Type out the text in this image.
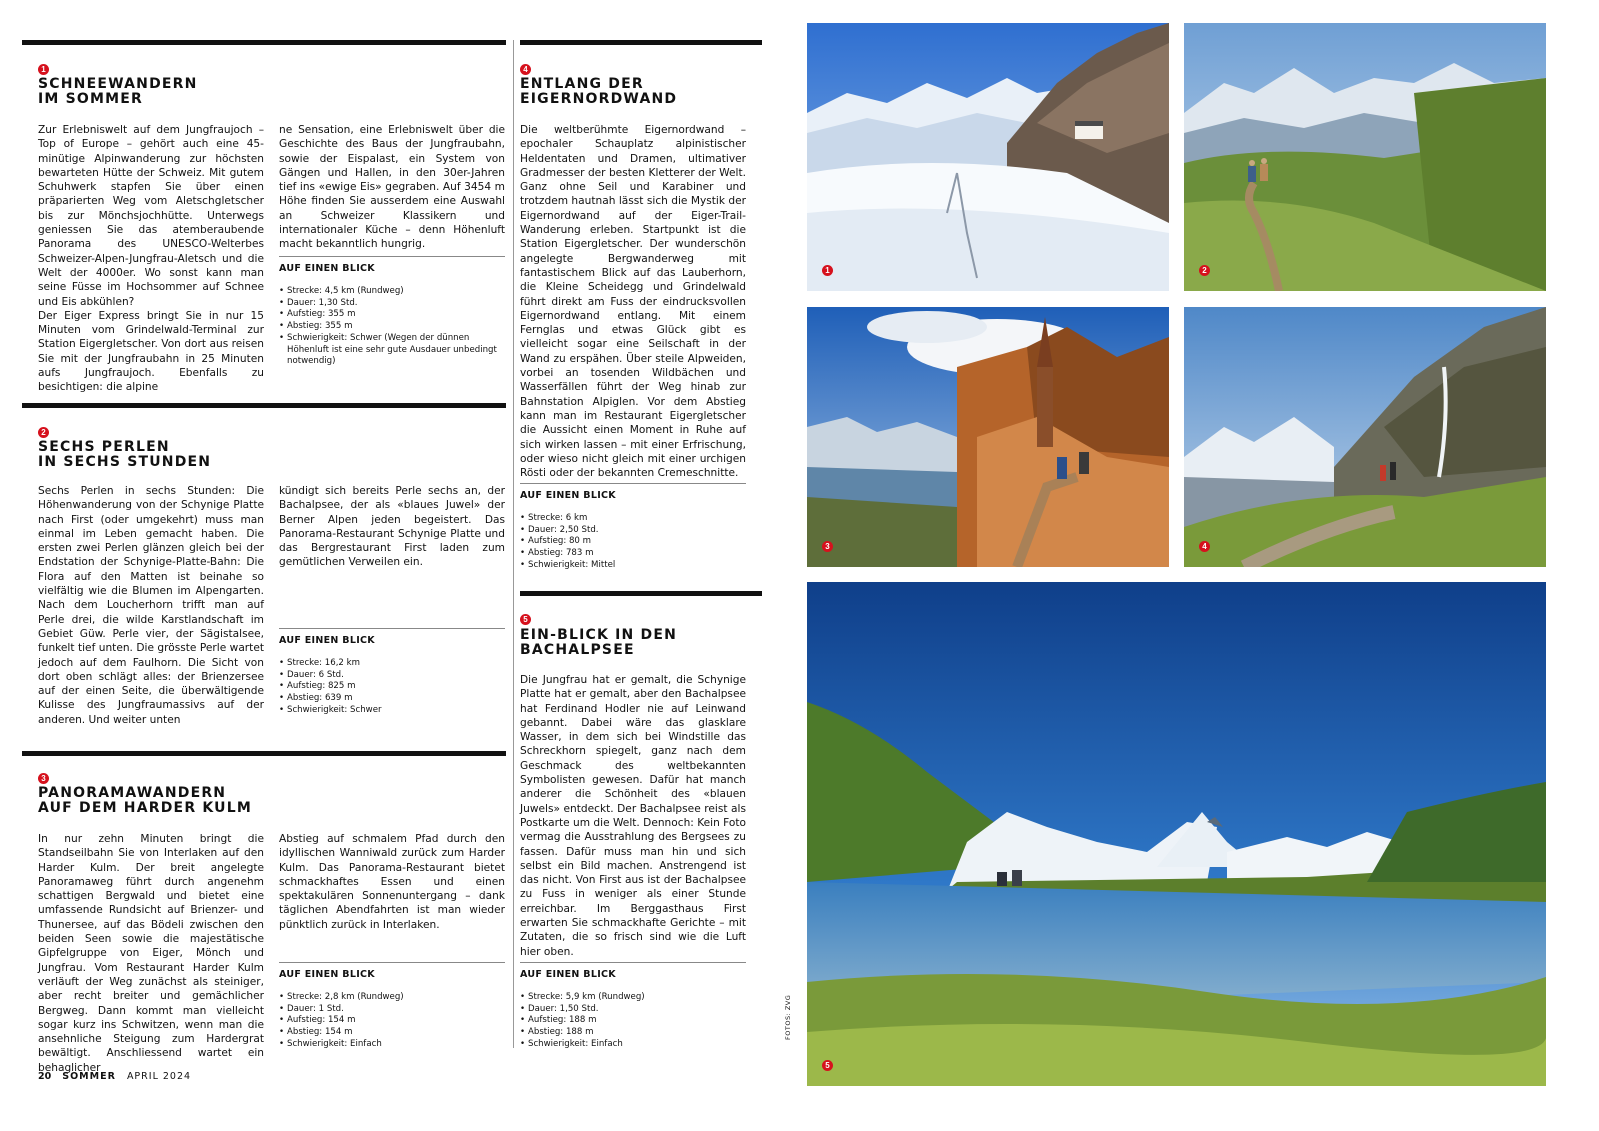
1
SCHNEEWANDERN
IM SOMMER

Zur Erlebniswelt auf dem Jungfraujoch – Top of Europe – gehört auch eine 45-minütige Alpinwanderung zur höchsten bewarteten Hütte der Schweiz. Mit gutem Schuhwerk stapfen Sie über einen präparierten Weg vom Aletschgletscher bis zur Mönchsjochhütte. Unterwegs geniessen Sie das atemberaubende Panorama des UNESCO-Welterbes Schweizer-Alpen-Jungfrau-Aletsch und die Welt der 4000er. Wo sonst kann man seine Füsse im Hochsommer auf Schnee und Eis abkühlen?
Der Eiger Express bringt Sie in nur 15 Minuten vom Grindelwald-Terminal zur Station Eigergletscher. Von dort aus reisen Sie mit der Jungfraubahn in 25 Minuten aufs Jungfraujoch. Ebenfalls zu besichtigen: die alpine

ne Sensation, eine Erlebniswelt über die Geschichte des Baus der Jungfraubahn, sowie der Eispalast, ein System von Gängen und Hallen, in den 30er-Jahren tief ins «ewige Eis» gegraben. Auf 3454 m Höhe finden Sie ausserdem eine Auswahl an Schweizer Klassikern und internationaler Küche – denn Höhenluft macht bekanntlich hungrig.

AUF EINEN BLICK
• Strecke: 4,5 km (Rundweg)
• Dauer: 1,30 Std.
• Aufstieg: 355 m
• Abstieg: 355 m
• Schwierigkeit: Schwer (Wegen der dünnen Höhenluft ist eine sehr gute Ausdauer unbedingt notwendig)
2
SECHS PERLEN
IN SECHS STUNDEN

Sechs Perlen in sechs Stunden: Die Höhenwanderung von der Schynige Platte nach First (oder umgekehrt) muss man einmal im Leben gemacht haben. Die ersten zwei Perlen glänzen gleich bei der Endstation der Schynige-Platte-Bahn: Die Flora auf den Matten ist beinahe so vielfältig wie die Blumen im Alpengarten. Nach dem Loucherhorn trifft man auf Perle drei, die wilde Karstlandschaft im Gebiet Güw. Perle vier, der Sägistalsee, funkelt tief unten. Die grösste Perle wartet jedoch auf dem Faulhorn. Die Sicht von dort oben schlägt alles: der Brienzersee auf der einen Seite, die überwältigende Kulisse des Jungfraumassivs auf der anderen. Und weiter unten

kündigt sich bereits Perle sechs an, der Bachalpsee, der als «blaues Juwel» der Berner Alpen jeden begeistert. Das Panorama-Restaurant Schynige Platte und das Bergrestaurant First laden zum gemütlichen Verweilen ein.

AUF EINEN BLICK
• Strecke: 16,2 km
• Dauer: 6 Std.
• Aufstieg: 825 m
• Abstieg: 639 m
• Schwierigkeit: Schwer
3
PANORAMAWANDERN
AUF DEM HARDER KULM

In nur zehn Minuten bringt die Standseilbahn Sie von Interlaken auf den Harder Kulm. Der breit angelegte Panoramaweg führt durch angenehm schattigen Bergwald und bietet eine umfassende Rundsicht auf Brienzer- und Thunersee, auf das Bödeli zwischen den beiden Seen sowie die majestätische Gipfelgruppe von Eiger, Mönch und Jungfrau. Vom Restaurant Harder Kulm verläuft der Weg zunächst als steiniger, aber recht breiter und gemächlicher Bergweg. Dann kommt man vielleicht sogar kurz ins Schwitzen, wenn man die ansehnliche Steigung zum Hardergrat bewältigt. Anschliessend wartet ein behaglicher

Abstieg auf schmalem Pfad durch den idyllischen Wanniwald zurück zum Harder Kulm. Das Panorama-Restaurant bietet schmackhaftes Essen und einen spektakulären Sonnenuntergang – dank täglichen Abendfahrten ist man wieder pünktlich zurück in Interlaken.

AUF EINEN BLICK
• Strecke: 2,8 km (Rundweg)
• Dauer: 1 Std.
• Aufstieg: 154 m
• Abstieg: 154 m
• Schwierigkeit: Einfach
4
ENTLANG DER
EIGERNORDWAND

Die weltberühmte Eigernordwand – epochaler Schauplatz alpinistischer Heldentaten und Dramen, ultimativer Gradmesser der besten Kletterer der Welt. Ganz ohne Seil und Karabiner und trotzdem hautnah lässt sich die Mystik der Eigernordwand auf der Eiger-Trail-Wanderung erleben. Startpunkt ist die Station Eigergletscher. Der wunderschön angelegte Bergwanderweg mit fantastischem Blick auf das Lauberhorn, die Kleine Scheidegg und Grindelwald führt direkt am Fuss der eindrucksvollen Eigernordwand entlang. Mit einem Fernglas und etwas Glück gibt es vielleicht sogar eine Seilschaft in der Wand zu erspähen. Über steile Alpweiden, vorbei an tosenden Wildbächen und Wasserfällen führt der Weg hinab zur Bahnstation Alpiglen. Vor dem Abstieg kann man im Restaurant Eigergletscher die Aussicht einen Moment in Ruhe auf sich wirken lassen – mit einer Erfrischung, oder wieso nicht gleich mit einer urchigen Rösti oder der bekannten Cremeschnitte.

AUF EINEN BLICK
• Strecke: 6 km
• Dauer: 2,50 Std.
• Aufstieg: 80 m
• Abstieg: 783 m
• Schwierigkeit: Mittel
5
EIN-BLICK IN DEN
BACHALPSEE

Die Jungfrau hat er gemalt, die Schynige Platte hat er gemalt, aber den Bachalpsee hat Ferdinand Hodler nie auf Leinwand gebannt. Dabei wäre das glasklare Wasser, in dem sich bei Windstille das Schreckhorn spiegelt, ganz nach dem Geschmack des weltbekannten Symbolisten gewesen. Dafür hat manch anderer die Schönheit des «blauen Juwels» entdeckt. Der Bachalpsee reist als Postkarte um die Welt. Dennoch: Kein Foto vermag die Ausstrahlung des Bergsees zu fassen. Dafür muss man hin und sich selbst ein Bild machen. Anstrengend ist das nicht. Von First aus ist der Bachalpsee zu Fuss in weniger als einer Stunde erreichbar. Im Berggasthaus First erwarten Sie schmackhafte Gerichte – mit Zutaten, die so frisch sind wie die Luft hier oben.

AUF EINEN BLICK
• Strecke: 5,9 km (Rundweg)
• Dauer: 1,50 Std.
• Aufstieg: 188 m
• Abstieg: 188 m
• Schwierigkeit: Einfach
1	2
3	4
5
FOTOS: ZVG
20 SOMMER APRIL 2024
